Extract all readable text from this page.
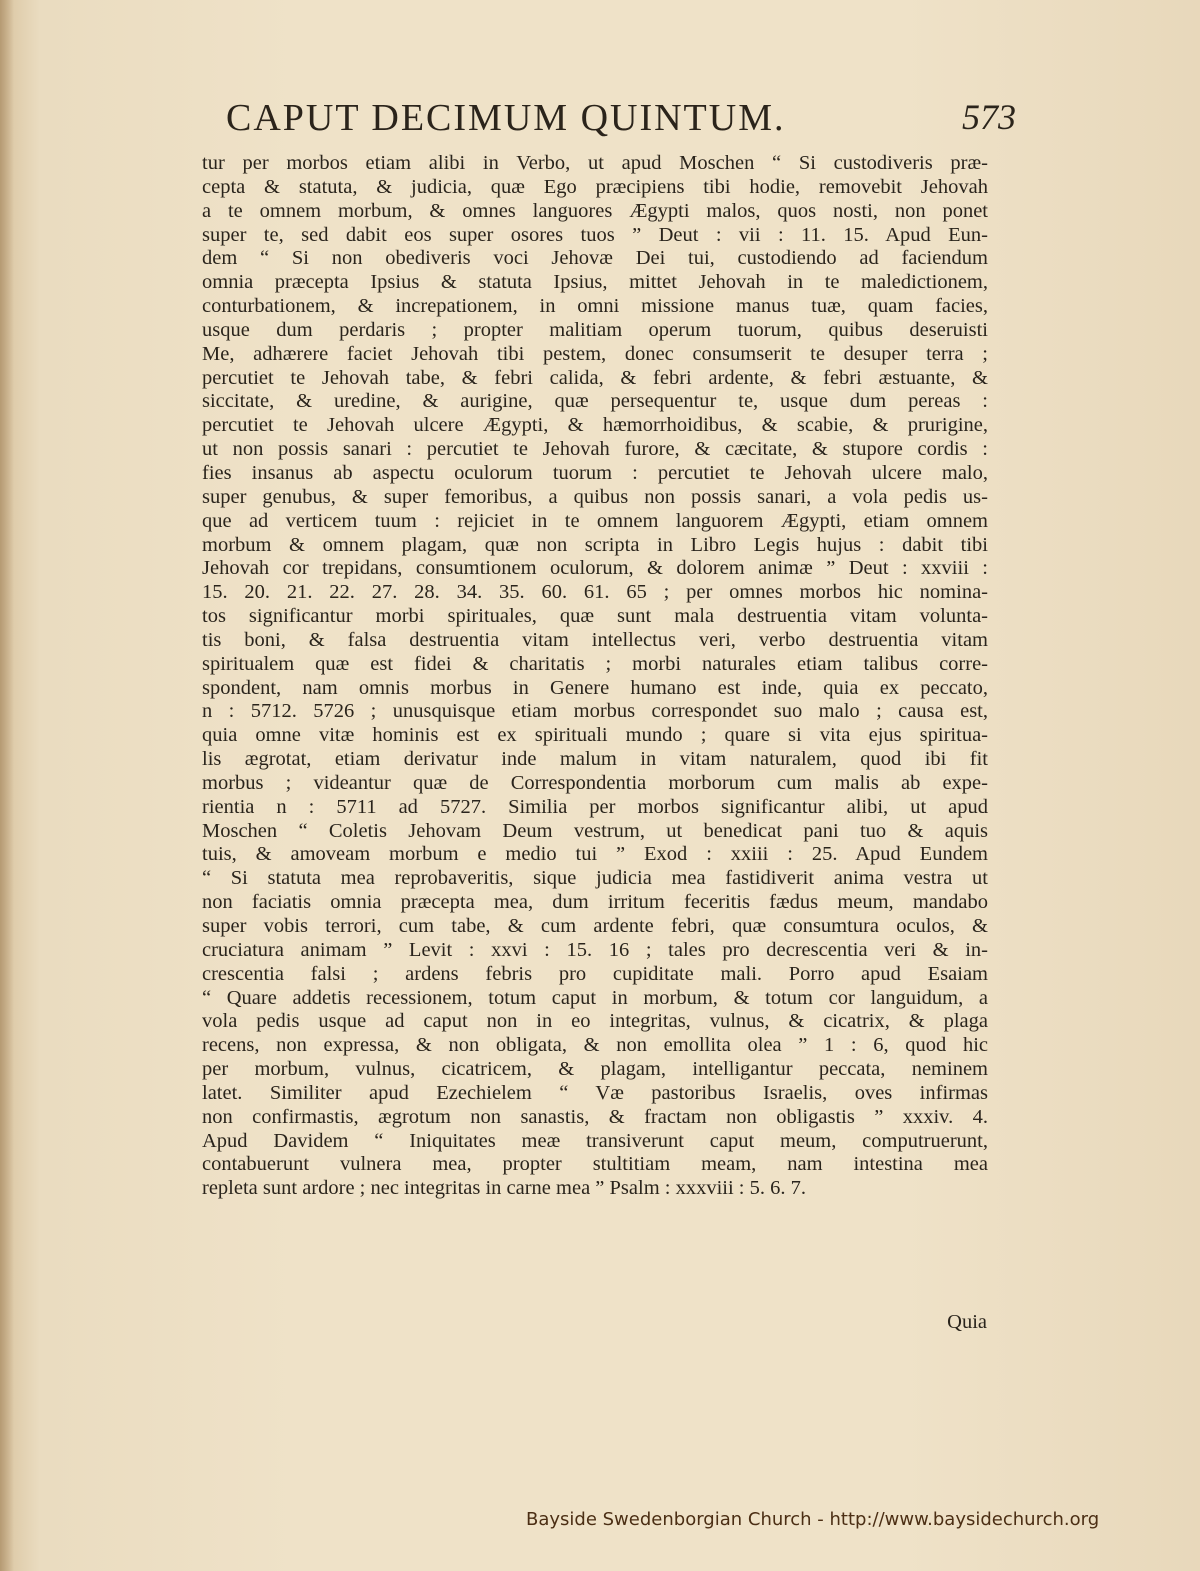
CAPUT DECIMUM QUINTUM.	573
tur per morbos etiam alibi in Verbo, ut apud Moschen “ Si custodiveris præ-
cepta & statuta, & judicia, quæ Ego præcipiens tibi hodie, removebit Jehovah
a te omnem morbum, & omnes languores Ægypti malos, quos nosti, non ponet
super te, sed dabit eos super osores tuos ” Deut : vii : 11. 15. Apud Eun-
dem “ Si non obediveris voci Jehovæ Dei tui, custodiendo ad faciendum
omnia præcepta Ipsius & statuta Ipsius, mittet Jehovah in te maledictionem,
conturbationem, & increpationem, in omni missione manus tuæ, quam facies,
usque dum perdaris ; propter malitiam operum tuorum, quibus deseruisti
Me, adhærere faciet Jehovah tibi pestem, donec consumserit te desuper terra ;
percutiet te Jehovah tabe, & febri calida, & febri ardente, & febri æstuante, &
siccitate, & uredine, & aurigine, quæ persequentur te, usque dum pereas :
percutiet te Jehovah ulcere Ægypti, & hæmorrhoidibus, & scabie, & prurigine,
ut non possis sanari : percutiet te Jehovah furore, & cæcitate, & stupore cordis :
fies insanus ab aspectu oculorum tuorum : percutiet te Jehovah ulcere malo,
super genubus, & super femoribus, a quibus non possis sanari, a vola pedis us-
que ad verticem tuum : rejiciet in te omnem languorem Ægypti, etiam omnem
morbum & omnem plagam, quæ non scripta in Libro Legis hujus : dabit tibi
Jehovah cor trepidans, consumtionem oculorum, & dolorem animæ ” Deut : xxviii :
15. 20. 21. 22. 27. 28. 34. 35. 60. 61. 65 ; per omnes morbos hic nomina-
tos significantur morbi spirituales, quæ sunt mala destruentia vitam volunta-
tis boni, & falsa destruentia vitam intellectus veri, verbo destruentia vitam
spiritualem quæ est fidei & charitatis ; morbi naturales etiam talibus corre-
spondent, nam omnis morbus in Genere humano est inde, quia ex peccato,
n : 5712. 5726 ; unusquisque etiam morbus correspondet suo malo ; causa est,
quia omne vitæ hominis est ex spirituali mundo ; quare si vita ejus spiritua-
lis ægrotat, etiam derivatur inde malum in vitam naturalem, quod ibi fit
morbus ; videantur quæ de Correspondentia morborum cum malis ab expe-
rientia n : 5711 ad 5727. Similia per morbos significantur alibi, ut apud
Moschen “ Coletis Jehovam Deum vestrum, ut benedicat pani tuo & aquis
tuis, & amoveam morbum e medio tui ” Exod : xxiii : 25. Apud Eundem
“ Si statuta mea reprobaveritis, sique judicia mea fastidiverit anima vestra ut
non faciatis omnia præcepta mea, dum irritum feceritis fædus meum, mandabo
super vobis terrori, cum tabe, & cum ardente febri, quæ consumtura oculos, &
cruciatura animam ” Levit : xxvi : 15. 16 ; tales pro decrescentia veri & in-
crescentia falsi ; ardens febris pro cupiditate mali. Porro apud Esaiam
“ Quare addetis recessionem, totum caput in morbum, & totum cor languidum, a
vola pedis usque ad caput non in eo integritas, vulnus, & cicatrix, & plaga
recens, non expressa, & non obligata, & non emollita olea ” 1 : 6, quod hic
per morbum, vulnus, cicatricem, & plagam, intelligantur peccata, neminem
latet. Similiter apud Ezechielem “ Væ pastoribus Israelis, oves infirmas
non confirmastis, ægrotum non sanastis, & fractam non obligastis ” xxxiv. 4.
Apud Davidem “ Iniquitates meæ transiverunt caput meum, computruerunt,
contabuerunt vulnera mea, propter stultitiam meam, nam intestina mea
repleta sunt ardore ; nec integritas in carne mea ” Psalm : xxxviii : 5. 6. 7.
Quia
Bayside Swedenborgian Church - http://www.baysidechurch.org
